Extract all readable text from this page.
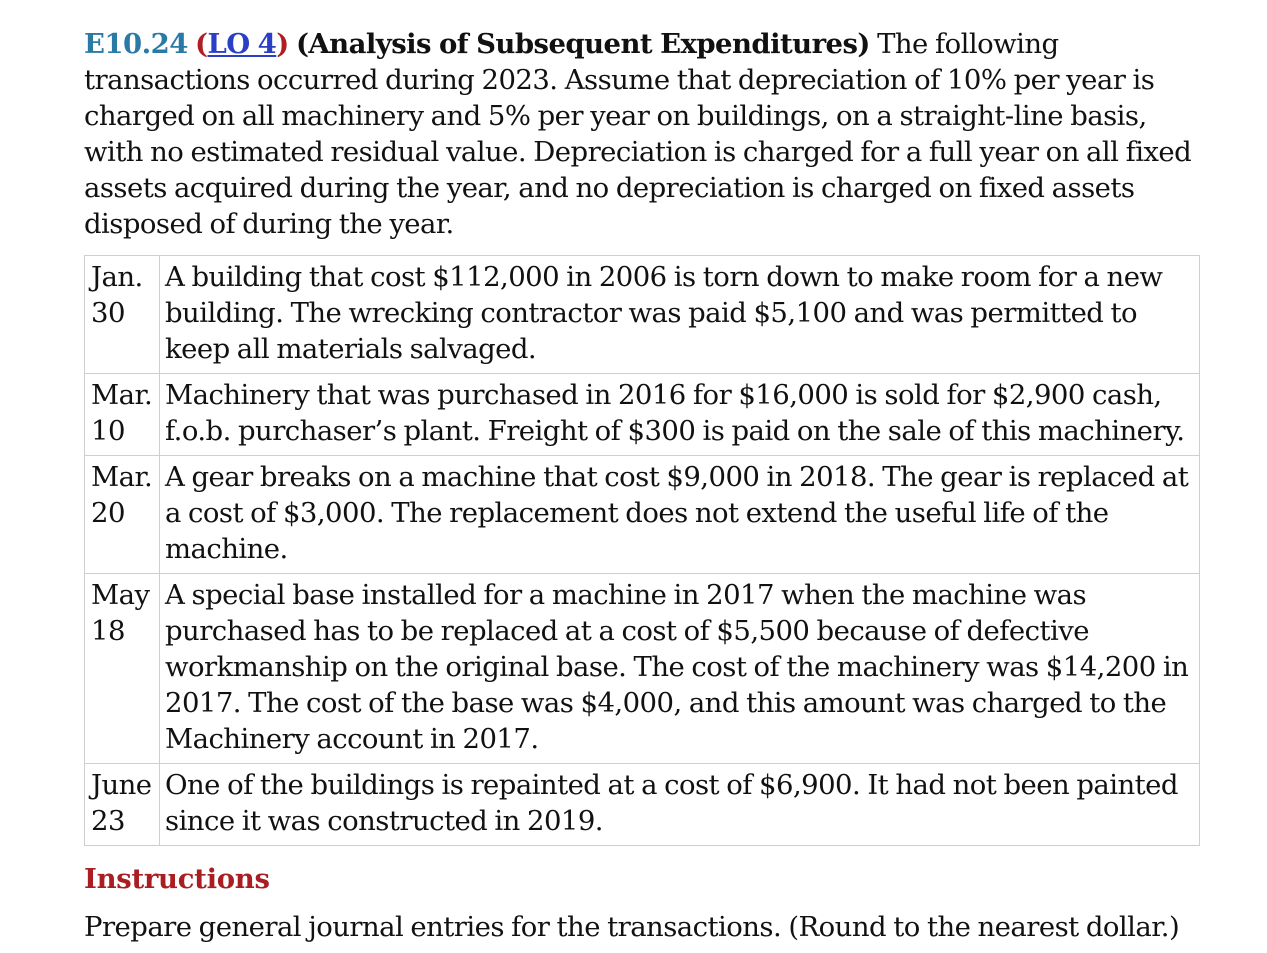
E10.24 (LO 4) (Analysis of Subsequent Expenditures) The following transactions occurred during 2023. Assume that depreciation of 10% per year is charged on all machinery and 5% per year on buildings, on a straight-line basis, with no estimated residual value. Depreciation is charged for a full year on all fixed assets acquired during the year, and no depreciation is charged on fixed assets disposed of during the year.

Jan. 30	A building that cost $112,000 in 2006 is torn down to make room for a new building. The wrecking contractor was paid $5,100 and was permitted to keep all materials salvaged.
Mar. 10	Machinery that was purchased in 2016 for $16,000 is sold for $2,900 cash, f.o.b. purchaser’s plant. Freight of $300 is paid on the sale of this machinery.
Mar. 20	A gear breaks on a machine that cost $9,000 in 2018. The gear is replaced at a cost of $3,000. The replacement does not extend the useful life of the machine.
May 18	A special base installed for a machine in 2017 when the machine was purchased has to be replaced at a cost of $5,500 because of defective workmanship on the original base. The cost of the machinery was $14,200 in 2017. The cost of the base was $4,000, and this amount was charged to the Machinery account in 2017.
June 23	One of the buildings is repainted at a cost of $6,900. It had not been painted since it was constructed in 2019.
Instructions

Prepare general journal entries for the transactions. (Round to the nearest dollar.)
